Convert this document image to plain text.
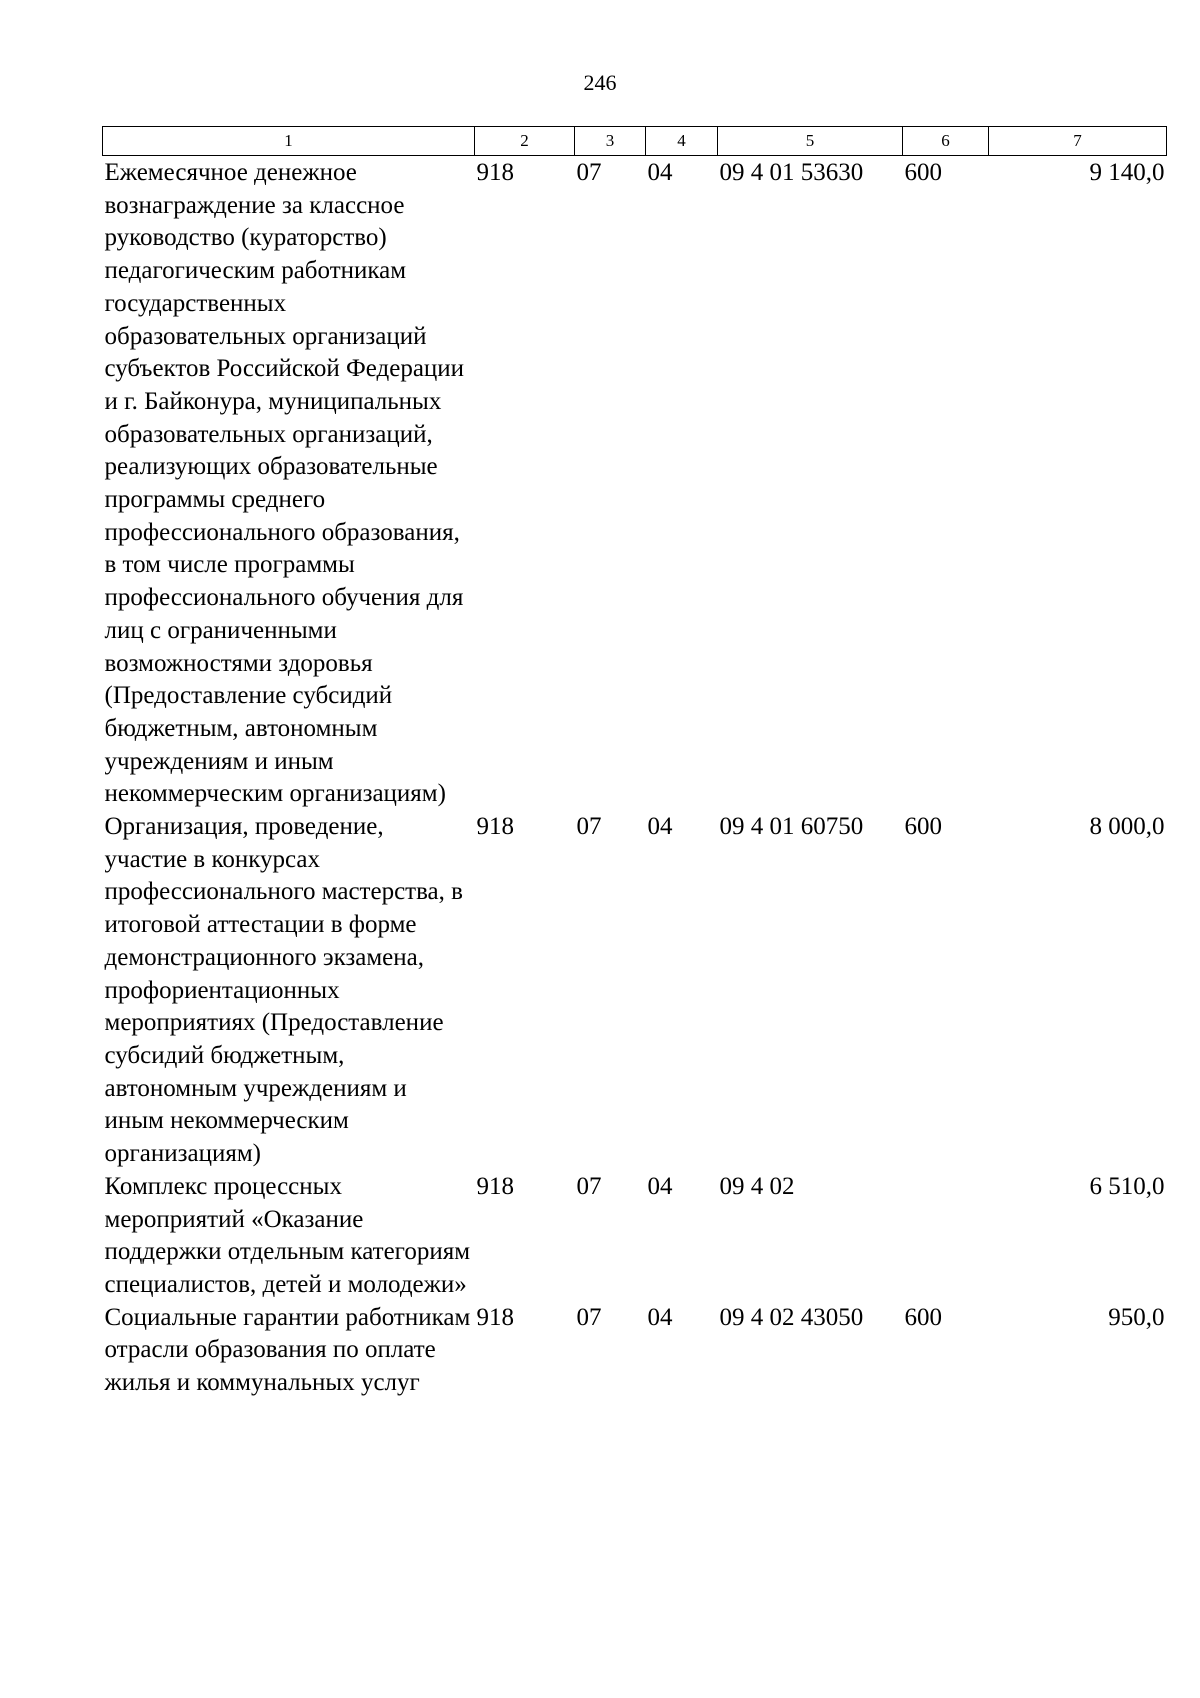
246
1	2	3	4	5	6	7
Ежемесячное денежное вознаграждение за классное руководство (кураторство) педагогическим работникам государственных образовательных организаций субъектов Российской Федерации и г. Байконура, муниципальных образовательных организаций, реализующих образовательные программы среднего профессионального образования, в том числе программы профессионального обучения для лиц с ограниченными возможностями здоровья (Предоставление субсидий бюджетным, автономным учреждениям и иным некоммерческим организациям)	918	07	04	09 4 01 53630	600	9 140,0
Организация, проведение, участие в конкурсах профессионального мастерства, в итоговой аттестации в форме демонстрационного экзамена, профориентационных мероприятиях (Предоставление субсидий бюджетным, автономным учреждениям и иным некоммерческим организациям)	918	07	04	09 4 01 60750	600	8 000,0
Комплекс процессных мероприятий «Оказание поддержки отдельным категориям специалистов, детей и молодежи»	918	07	04	09 4 02		6 510,0
Социальные гарантии работникам отрасли образования по оплате жилья и коммунальных услуг	918	07	04	09 4 02 43050	600	950,0
